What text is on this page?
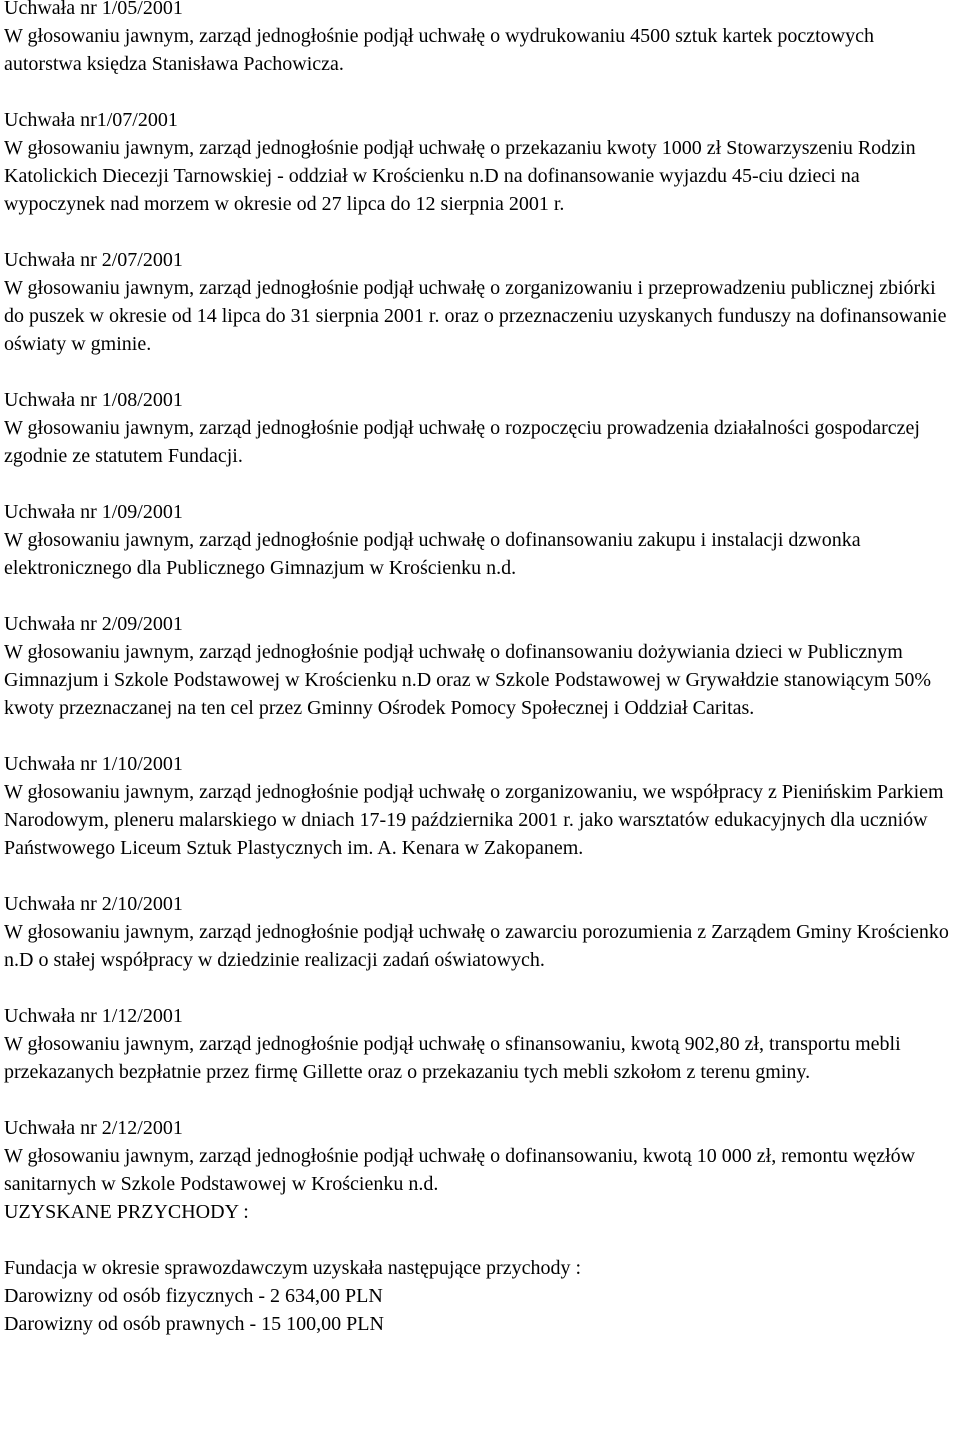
Uchwała nr 1/05/2001

W głosowaniu jawnym, zarząd jednogłośnie podjął uchwałę o wydrukowaniu 4500 sztuk kartek pocztowych autorstwa księdza Stanisława Pachowicza.

Uchwała nr1/07/2001

W głosowaniu jawnym, zarząd jednogłośnie podjął uchwałę o przekazaniu kwoty 1000 zł Stowarzyszeniu Rodzin Katolickich Diecezji Tarnowskiej - oddział w Krościenku n.D na dofinansowanie wyjazdu 45-ciu dzieci na wypoczynek nad morzem w okresie od 27 lipca do 12 sierpnia 2001 r.

Uchwała nr 2/07/2001

W głosowaniu jawnym, zarząd jednogłośnie podjął uchwałę o zorganizowaniu i przeprowadzeniu publicznej zbiórki do puszek w okresie od 14 lipca do 31 sierpnia 2001 r. oraz o przeznaczeniu uzyskanych funduszy na dofinansowanie oświaty w gminie.

Uchwała nr 1/08/2001

W głosowaniu jawnym, zarząd jednogłośnie podjął uchwałę o rozpoczęciu prowadzenia działalności gospodarczej zgodnie ze statutem Fundacji.

Uchwała nr 1/09/2001

W głosowaniu jawnym, zarząd jednogłośnie podjął uchwałę o dofinansowaniu zakupu i instalacji dzwonka elektronicznego dla Publicznego Gimnazjum w Krościenku n.d.

Uchwała nr 2/09/2001

W głosowaniu jawnym, zarząd jednogłośnie podjął uchwałę o dofinansowaniu dożywiania dzieci w Publicznym Gimnazjum i Szkole Podstawowej w Krościenku n.D oraz w Szkole Podstawowej w Grywałdzie stanowiącym 50% kwoty przeznaczanej na ten cel przez Gminny Ośrodek Pomocy Społecznej i Oddział Caritas.

Uchwała nr 1/10/2001

W głosowaniu jawnym, zarząd jednogłośnie podjął uchwałę o zorganizowaniu, we współpracy z Pienińskim Parkiem Narodowym, pleneru malarskiego w dniach 17-19 października 2001 r. jako warsztatów edukacyjnych dla uczniów Państwowego Liceum Sztuk Plastycznych im. A. Kenara w Zakopanem.

Uchwała nr 2/10/2001

W głosowaniu jawnym, zarząd jednogłośnie podjął uchwałę o zawarciu porozumienia z Zarządem Gminy Krościenko n.D o stałej współpracy w dziedzinie realizacji zadań oświatowych.

Uchwała nr 1/12/2001

W głosowaniu jawnym, zarząd jednogłośnie podjął uchwałę o sfinansowaniu, kwotą 902,80 zł, transportu mebli przekazanych bezpłatnie przez firmę Gillette oraz o przekazaniu tych mebli szkołom z terenu gminy.

Uchwała nr 2/12/2001

W głosowaniu jawnym, zarząd jednogłośnie podjął uchwałę o dofinansowaniu, kwotą 10 000 zł, remontu węzłów sanitarnych w Szkole Podstawowej w Krościenku n.d.

UZYSKANE PRZYCHODY :

Fundacja w okresie sprawozdawczym uzyskała następujące przychody :

Darowizny od osób fizycznych - 2 634,00 PLN

Darowizny od osób prawnych - 15 100,00 PLN
